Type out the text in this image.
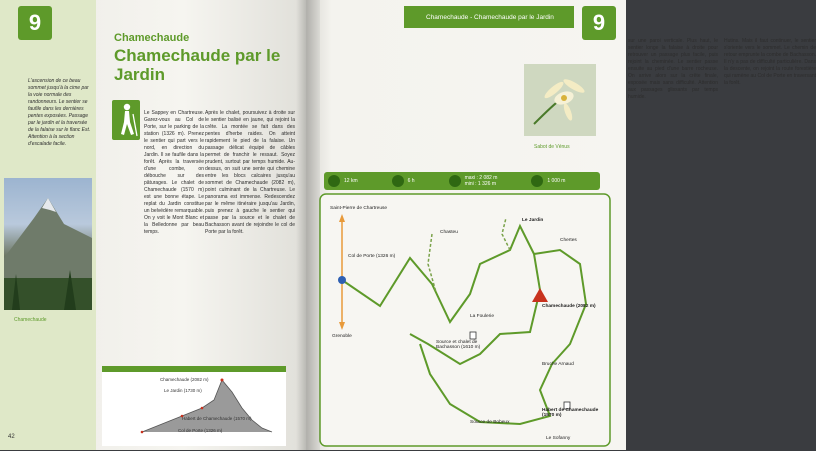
9
L'ascension de ce beau sommet jusqu'à la cime par la voie normale des randonneurs. Le sentier se faufile dans les dernières pentes exposées. Passage par le jardin et la traversée de la falaise sur le flanc Est. Attention à la section d'escalade facile.
Chamechaude
Chamechaude
Chamechaude par le Jardin
Le Sappey en Chartreuse. Garez-vous au Col de Porte, sur le parking de la station (1326 m). Prenez le sentier qui part vers le nord, en direction du Jardin. Il se faufile dans la forêt. Après la traversée d'une combe, on débouche sur des pâturages. Le chalet de Chamechaude (1570 m) est une bonne étape. Le replat du Jardin constitue un belvédère remarquable. On y voit le Mont Blanc et la Belledonne par beau temps.
Après le chalet, poursuivez à droite sur le sentier balisé en jaune, qui rejoint la crête. La montée se fait dans des pentes d'herbe raides. On atteint rapidement le pied de la falaise. Un passage délicat équipé de câbles permet de franchir le ressaut. Soyez prudent, surtout par temps humide. Au-dessus, on suit une sente qui chemine entre les blocs calcaires jusqu'au sommet de Chamechaude (2082 m), point culminant de la Chartreuse. Le panorama est immense. Redescendez par le même itinéraire jusqu'au Jardin, puis prenez à gauche le sentier qui passe par la source et le chalet de Bachasson avant de rejoindre le col de Porte par la forêt.
Chamechaude (2082 m)
Le Jardin (1730 m)
Habert de Chamechaude (1570 m)
Col de Porte (1326 m)
42
Chamechaude - Chamechaude par le Jardin	9
sur une paroi verticale. Plus haut, le sentier longe la falaise à droite pour retrouver un passage plus facile, puis rejoint la cheminée. Le sentier passe ensuite au pied d'une barre rocheuse. On arrive alors sur la crête finale, exposée mais sans difficulté. Attention aux passages glissants par temps humide.
Hutins. Mais il faut continuer, le sentier s'oriente vers le sommet. Le chemin de retour emprunte la combe de Bachasson. Il n'y a pas de difficulté particulière. Dans la descente, on rejoint la route forestière qui ramène au Col de Porte en traversant la forêt.
Sabot de Vénus
12 km	6 h	maxi : 2 082 m
mini : 1 326 m	1 000 m
Saint-Pierre de Chartreuse
Col de Porte (1326 m)
Grenoble
Le Jardin
Chertes
Chasteu
La Foulerie
Chamechaude (2082 m)
Source et chalet de Bachasson (1610 m)
Bruche Arnaud
Source de Bobeux
Habert de Chamechaude (1570 m)
Le Sofanny
